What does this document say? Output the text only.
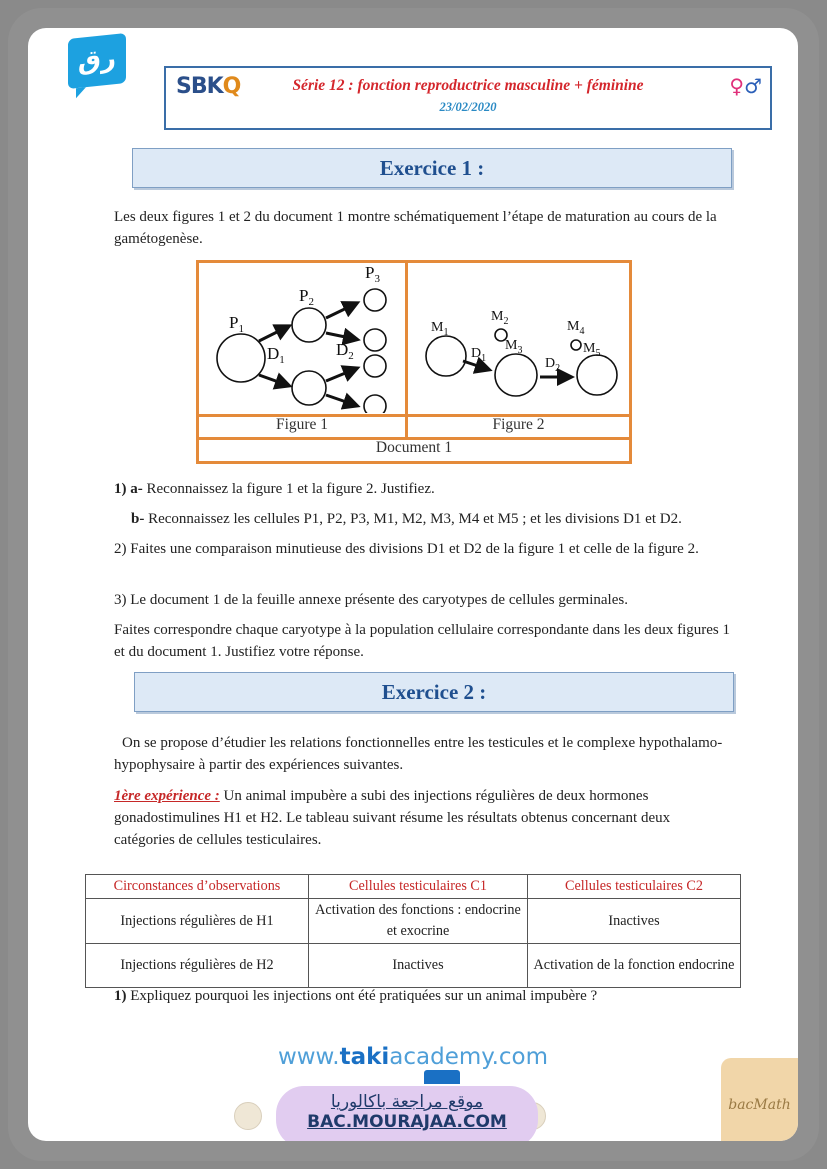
رق
SBKQ	Série 12 : fonction reproductrice masculine + féminine
23/02/2020
♀♂
Exercice 1 :
Les deux figures 1 et 2 du document 1 montre schématiquement l’étape de maturation au cours de la gamétogenèse.
Figure 1	Figure 2
Document 1
$P_1$
$P_2$
$P_3$
$D_1$
$D_2$
$M_1$
$M_2$
$M_3$
$M_4$
$M_5$
$D_1$	$D_2$
1) a- Reconnaissez la figure 1 et la figure 2. Justifiez.
b- Reconnaissez les cellules P1, P2, P3, M1, M2, M3, M4 et M5 ; et les divisions D1 et D2.
2) Faites une comparaison minutieuse des divisions D1 et D2 de la figure 1 et celle de la figure 2.
3) Le document 1 de la feuille annexe présente des caryotypes de cellules germinales.
Faites correspondre chaque caryotype à la population cellulaire correspondante dans les deux figures 1 et du document 1. Justifiez votre réponse.
Exercice 2 :
On se propose d’étudier les relations fonctionnelles entre les testicules et le complexe hypothalamo-hypophysaire à partir des expériences suivantes.
1ère expérience : Un animal impubère a subi des injections régulières de deux hormones gonadostimulines H1 et H2. Le tableau suivant résume les résultats obtenus concernant deux catégories de cellules testiculaires.
Circonstances d’observations	Cellules testiculaires C1	Cellules testiculaires C2
Injections régulières de H1	Activation des fonctions : endocrine et exocrine	Inactives
Injections régulières de H2	Inactives	Activation de la fonction endocrine
1) Expliquez pourquoi les injections ont été pratiquées sur un animal impubère ?
www.takiacademy.com
موقع مراجعة باكالوريا
BAC.MOURAJAA.COM
bacMath
